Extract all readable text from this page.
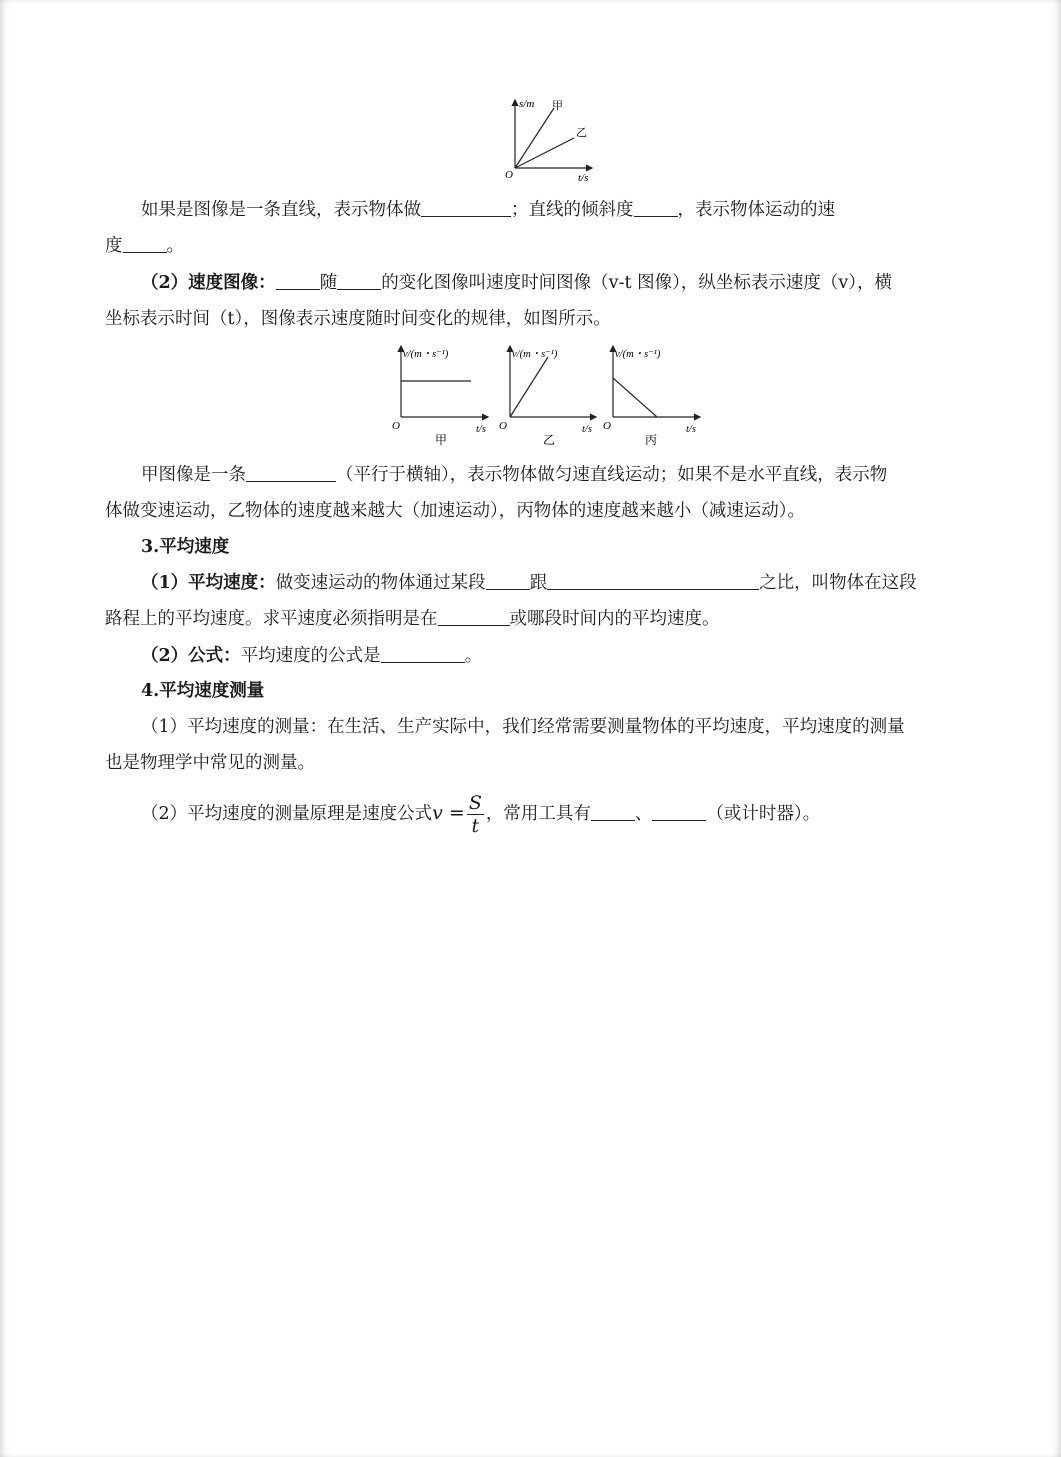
s/m
t/s
O
甲
乙
如果是图像是一条直线，表示物体做	；直线的倾斜度	，表示物体运动的速
度	。
（2）速度图像：	随	的变化图像叫速度时间图像（v-t 图像），纵坐标表示速度（v），横
坐标表示时间（t），图像表示速度随时间变化的规律，如图所示。
v/(m・s⁻¹)
t/s
O
甲
v/(m・s⁻¹)
t/s
O
乙
v/(m・s⁻¹)
t/s
O
丙
甲图像是一条	（平行于横轴），表示物体做匀速直线运动；如果不是水平直线，表示物
体做变速运动，乙物体的速度越来越大（加速运动），丙物体的速度越来越小（减速运动）。
3.平均速度
（1）平均速度：做变速运动的物体通过某段	跟	之比，叫物体在这段
路程上的平均速度。求平速度必须指明是在	或哪段时间内的平均速度。
（2）公式：平均速度的公式是	。
4.平均速度测量
（1）平均速度的测量：在生活、生产实际中，我们经常需要测量物体的平均速度，平均速度的测量
也是物理学中常见的测量。
（2）平均速度的测量原理是速度公式$v = \frac{S}{t}$ ，常用工具有	、	（或计时器）。
